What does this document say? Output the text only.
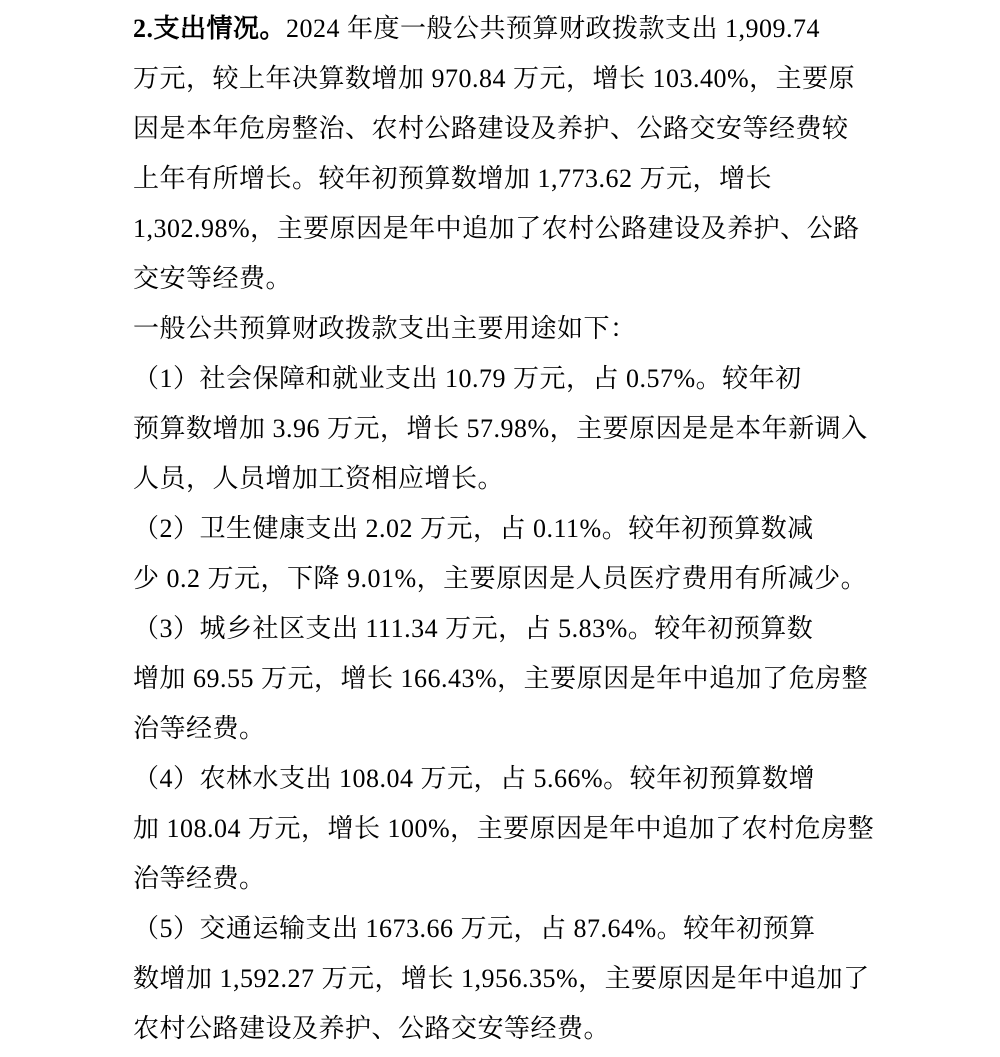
2.支出情况。2024 年度一般公共预算财政拨款支出 1,909.74 万元，较上年决算数增加 970.84 万元，增长 103.40%，主要原 因是本年危房整治、农村公路建设及养护、公路交安等经费较 上年有所增长。较年初预算数增加 1,773.62 万元，增长 1,302.98%，主要原因是年中追加了农村公路建设及养护、公路 交安等经费。

一般公共预算财政拨款支出主要用途如下：

（1）社会保障和就业支出 10.79 万元，占 0.57%。较年初 预算数增加 3.96 万元，增长 57.98%，主要原因是是本年新调入 人员，人员增加工资相应增长。

（2）卫生健康支出 2.02 万元，占 0.11%。较年初预算数减 少 0.2 万元，下降 9.01%，主要原因是人员医疗费用有所减少。

（3）城乡社区支出 111.34 万元，占 5.83%。较年初预算数 增加 69.55 万元，增长 166.43%，主要原因是年中追加了危房整 治等经费。

（4）农林水支出 108.04 万元，占 5.66%。较年初预算数增 加 108.04 万元，增长 100%，主要原因是年中追加了农村危房整 治等经费。

（5）交通运输支出 1673.66 万元，占 87.64%。较年初预算 数增加 1,592.27 万元，增长 1,956.35%，主要原因是年中追加了 农村公路建设及养护、公路交安等经费。
